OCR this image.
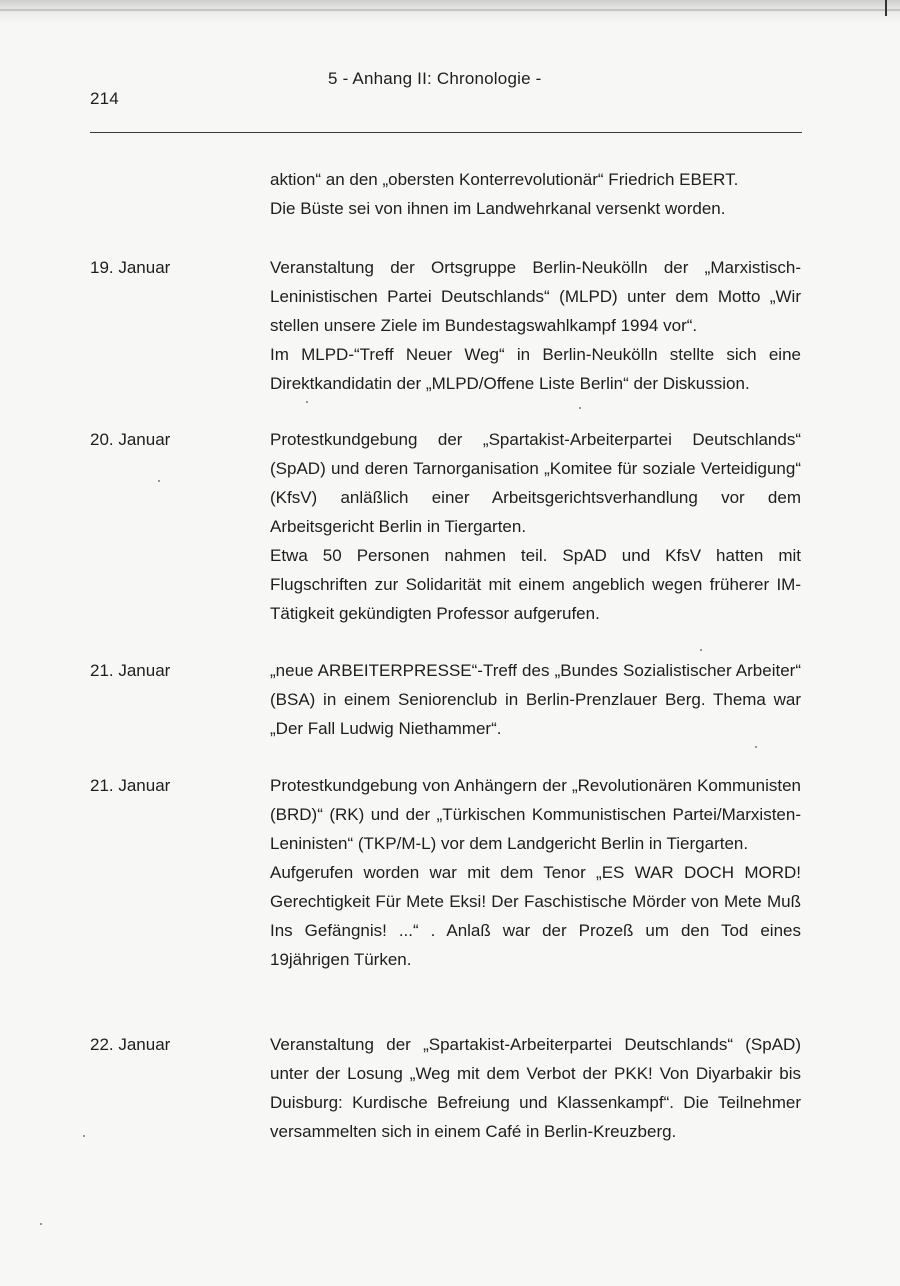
214
5 - Anhang II: Chronologie -
aktion“ an den „obersten Konterrevolutionär“ Friedrich EBERT.
Die Büste sei von ihnen im Landwehrkanal versenkt worden.
19. Januar	Veranstaltung der Ortsgruppe Berlin-Neukölln der „Marxistisch-Leninistischen Partei Deutschlands“ (MLPD) unter dem Motto „Wir stellen unsere Ziele im Bundestagswahlkampf 1994 vor“.

Im MLPD-“Treff Neuer Weg“ in Berlin-Neukölln stellte sich eine Direktkandidatin der „MLPD/Offene Liste Berlin“ der Diskussion.

20. Januar	Protestkundgebung der „Spartakist-Arbeiterpartei Deutschlands“ (SpAD) und deren Tarnorganisation „Komitee für soziale Verteidigung“ (KfsV) anläßlich einer Arbeitsgerichtsverhandlung vor dem Arbeitsgericht Berlin in Tiergarten.

Etwa 50 Personen nahmen teil. SpAD und KfsV hatten mit Flugschriften zur Solidarität mit einem angeblich wegen früherer IM-Tätigkeit gekündigten Professor aufgerufen.

21. Januar	„neue ARBEITERPRESSE“-Treff des „Bundes Sozialistischer Arbeiter“ (BSA) in einem Seniorenclub in Berlin-Prenzlauer Berg. Thema war „Der Fall Ludwig Niethammer“.

21. Januar	Protestkundgebung von Anhängern der „Revolutionären Kommunisten (BRD)“ (RK) und der „Türkischen Kommunistischen Partei/Marxisten-Leninisten“ (TKP/M-L) vor dem Landgericht Berlin in Tiergarten.

Aufgerufen worden war mit dem Tenor „ES WAR DOCH MORD! Gerechtigkeit Für Mete Eksi! Der Faschistische Mörder von Mete Muß Ins Gefängnis! ...“ . Anlaß war der Prozeß um den Tod eines 19jährigen Türken.

22. Januar	Veranstaltung der „Spartakist-Arbeiterpartei Deutschlands“ (SpAD) unter der Losung „Weg mit dem Verbot der PKK! Von Diyarbakir bis Duisburg: Kurdische Befreiung und Klassenkampf“. Die Teilnehmer versammelten sich in einem Café in Berlin-Kreuzberg.
